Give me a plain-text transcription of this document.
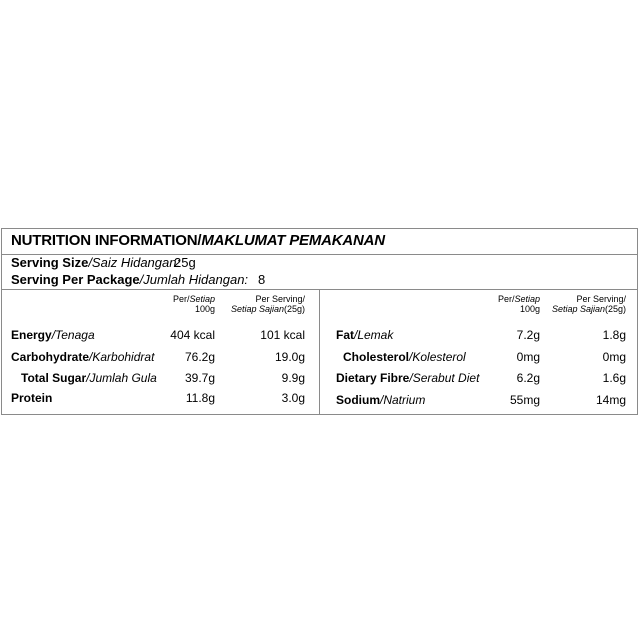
NUTRITION INFORMATION/MAKLUMAT PEMAKANAN
Serving Size/Saiz Hidangan:
25g
Serving Per Package/Jumlah Hidangan: 8
Per/Setiap
100g
Per Serving/
Setiap Sajian(25g)
Per/Setiap
100g
Per Serving/
Setiap Sajian(25g)
Energy/Tenaga	404 kcal	101 kcal
Carbohydrate/Karbohidrat	76.2g	19.0g
Total Sugar/Jumlah Gula 39.7g	9.9g
Protein	11.8g	3.0g
Fat/Lemak	7.2g	1.8g
Cholesterol/Kolesterol	0mg	0mg
Dietary Fibre/Serabut Diet	6.2g	1.6g
Sodium/Natrium	55mg	14mg
